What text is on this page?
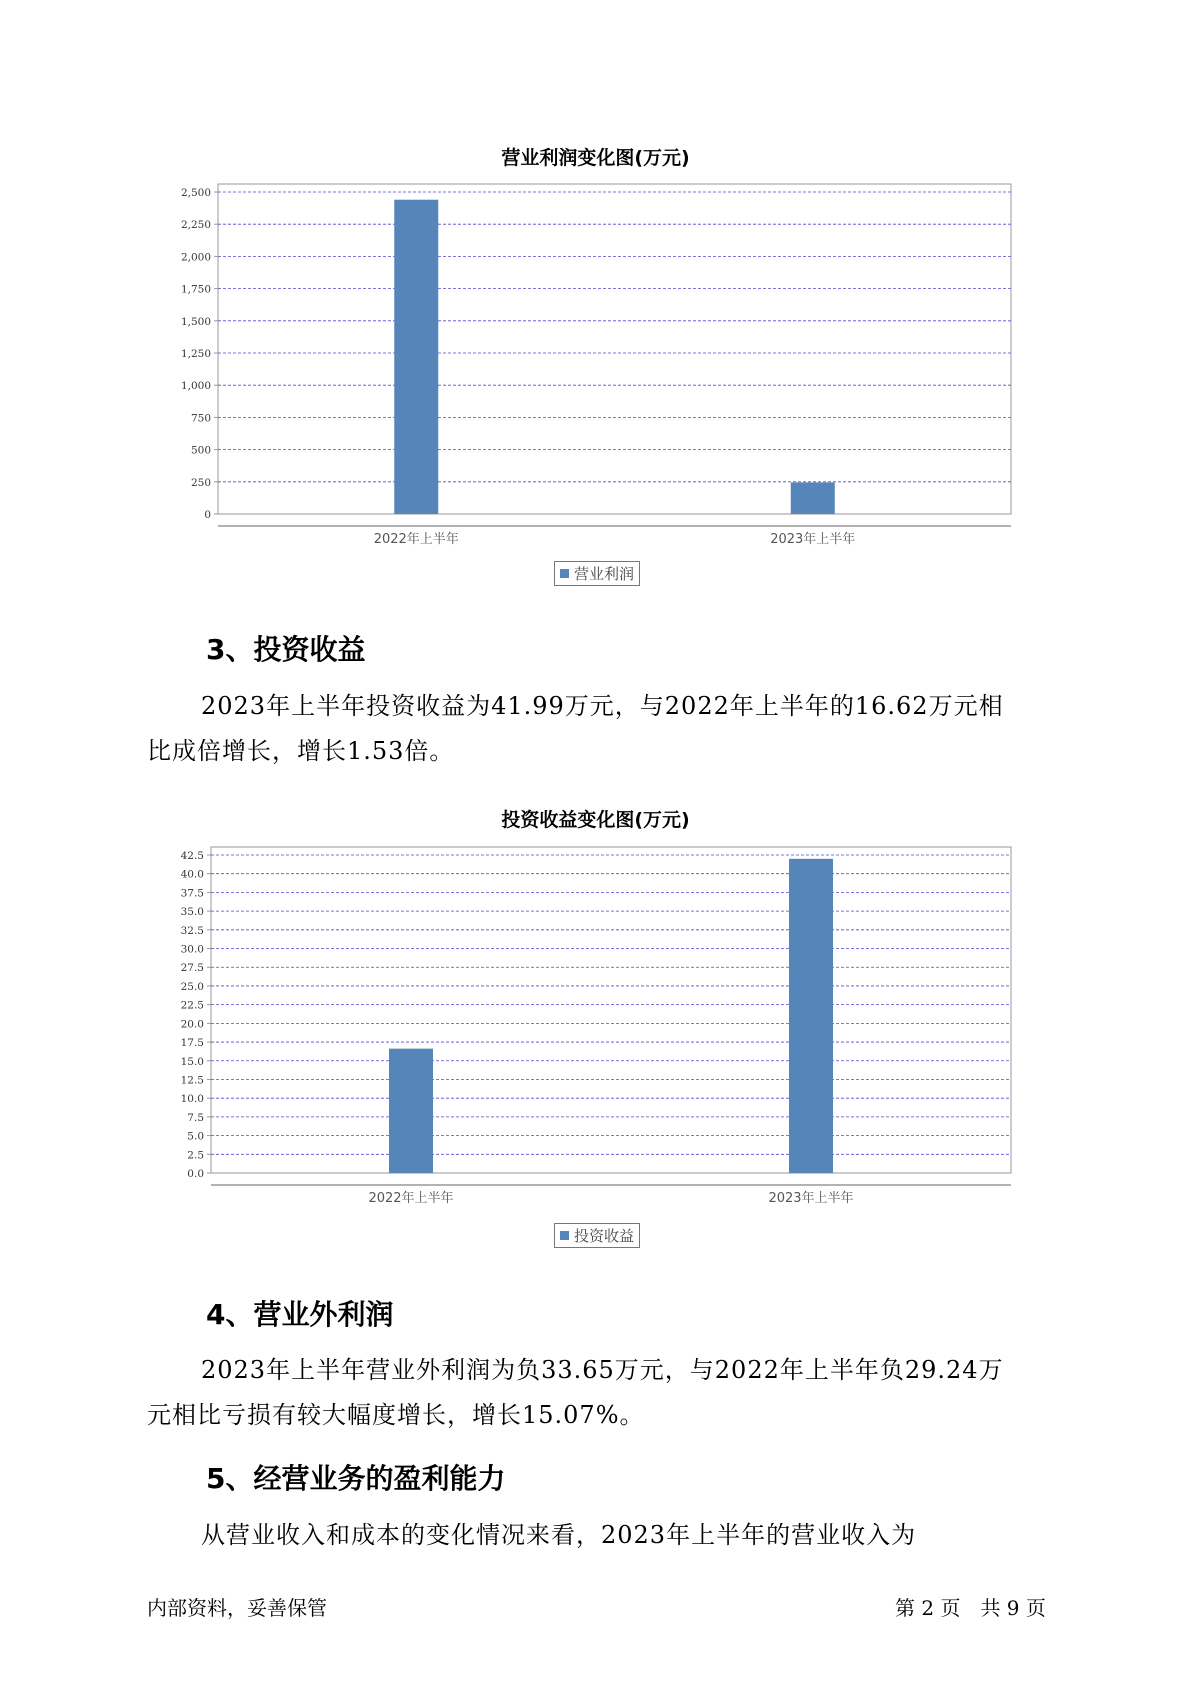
营业利润变化图(万元)
0
250
500
750
1,000
1,250
1,500
1,750
2,000
2,250
2,500
2022年上半年	2023年上半年
营业利润
3、投资收益
2023年上半年投资收益为41.99万元，与2022年上半年的16.62万元相
比成倍增长，增长1.53倍。
投资收益变化图(万元)
0.0
2.5
5.0
7.5
10.0
12.5
15.0
17.5
20.0
22.5
25.0
27.5
30.0
32.5
35.0
37.5
40.0
42.5
2022年上半年	2023年上半年
投资收益
4、营业外利润
2023年上半年营业外利润为负33.65万元，与2022年上半年负29.24万
元相比亏损有较大幅度增长，增长15.07%。
5、经营业务的盈利能力
从营业收入和成本的变化情况来看，2023年上半年的营业收入为
内部资料，妥善保管	第 2 页　共 9 页
